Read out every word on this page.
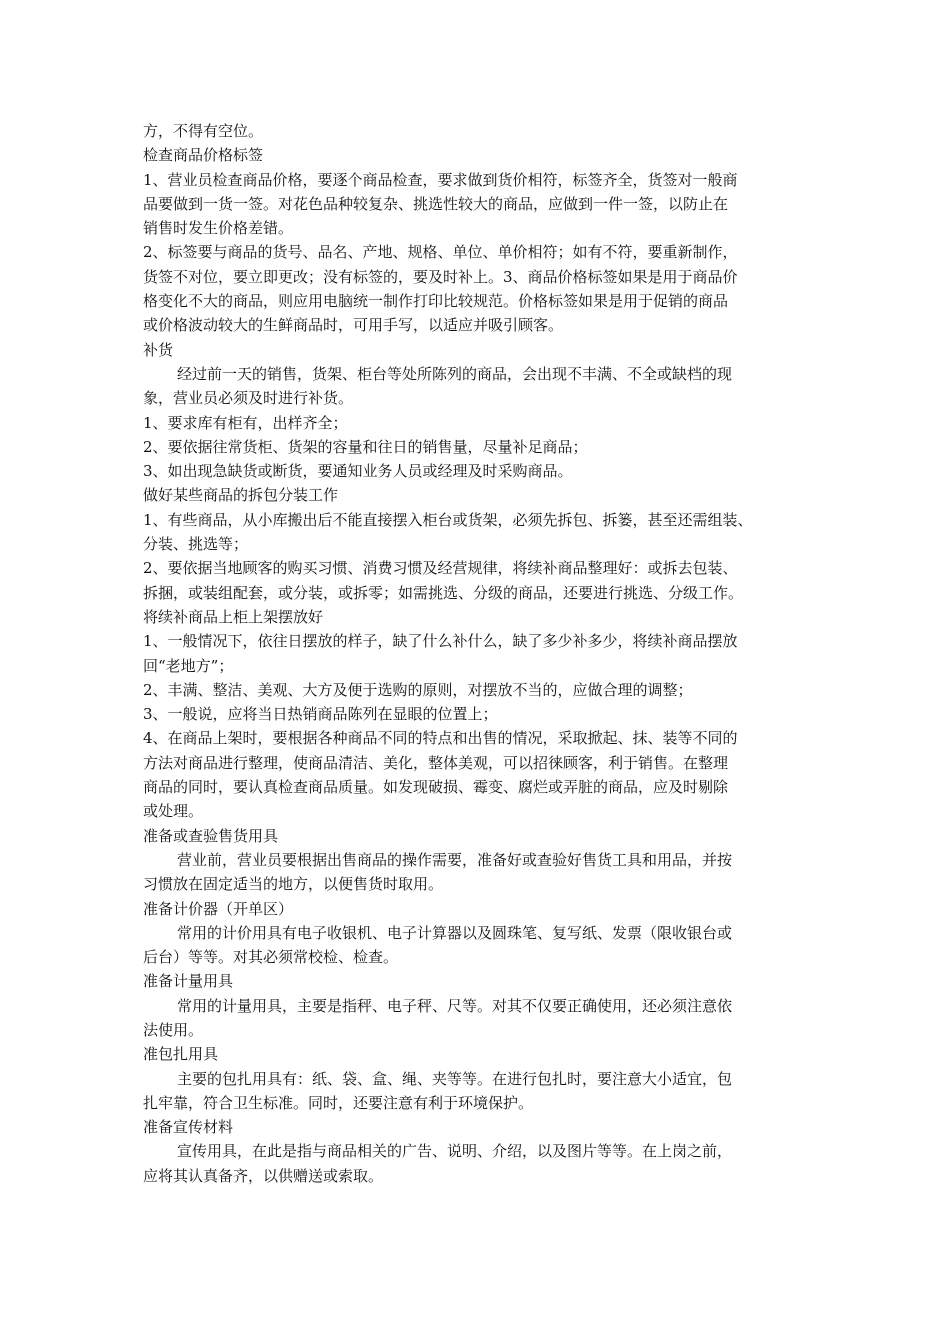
方，不得有空位。
检查商品价格标签
1、营业员检查商品价格，要逐个商品检查，要求做到货价相符，标签齐全，货签对一般商
品要做到一货一签。对花色品种较复杂、挑选性较大的商品，应做到一件一签，以防止在
销售时发生价格差错。
2、标签要与商品的货号、品名、产地、规格、单位、单价相符；如有不符，要重新制作，
货签不对位，要立即更改；没有标签的，要及时补上。3、商品价格标签如果是用于商品价
格变化不大的商品，则应用电脑统一制作打印比较规范。价格标签如果是用于促销的商品
或价格波动较大的生鲜商品时，可用手写，以适应并吸引顾客。
补货
经过前一天的销售，货架、柜台等处所陈列的商品，会出现不丰满、不全或缺档的现
象，营业员必须及时进行补货。
1、要求库有柜有，出样齐全；
2、要依据往常货柜、货架的容量和往日的销售量，尽量补足商品；
3、如出现急缺货或断货，要通知业务人员或经理及时采购商品。
做好某些商品的拆包分装工作
1、有些商品，从小库搬出后不能直接摆入柜台或货架，必须先拆包、拆篓，甚至还需组装、
分装、挑选等；
2、要依据当地顾客的购买习惯、消费习惯及经营规律，将续补商品整理好：或拆去包装、
拆捆，或装组配套，或分装，或拆零；如需挑选、分级的商品，还要进行挑选、分级工作。
将续补商品上柜上架摆放好
1、一般情况下，依往日摆放的样子，缺了什么补什么，缺了多少补多少，将续补商品摆放
回“老地方”；
2、丰满、整洁、美观、大方及便于选购的原则，对摆放不当的，应做合理的调整；
3、一般说，应将当日热销商品陈列在显眼的位置上；
4、在商品上架时，要根据各种商品不同的特点和出售的情况，采取掀起、抹、装等不同的
方法对商品进行整理，使商品清洁、美化，整体美观，可以招徕顾客，利于销售。在整理
商品的同时，要认真检查商品质量。如发现破损、霉变、腐烂或弄脏的商品，应及时剔除
或处理。
准备或查验售货用具
营业前，营业员要根据出售商品的操作需要，准备好或查验好售货工具和用品，并按
习惯放在固定适当的地方，以便售货时取用。
准备计价器（开单区）
常用的计价用具有电子收银机、电子计算器以及圆珠笔、复写纸、发票（限收银台或
后台）等等。对其必须常校检、检查。
准备计量用具
常用的计量用具，主要是指秤、电子秤、尺等。对其不仅要正确使用，还必须注意依
法使用。
准包扎用具
主要的包扎用具有：纸、袋、盒、绳、夹等等。在进行包扎时，要注意大小适宜，包
扎牢靠，符合卫生标准。同时，还要注意有利于环境保护。
准备宣传材料
宣传用具，在此是指与商品相关的广告、说明、介绍，以及图片等等。在上岗之前，
应将其认真备齐，以供赠送或索取。
